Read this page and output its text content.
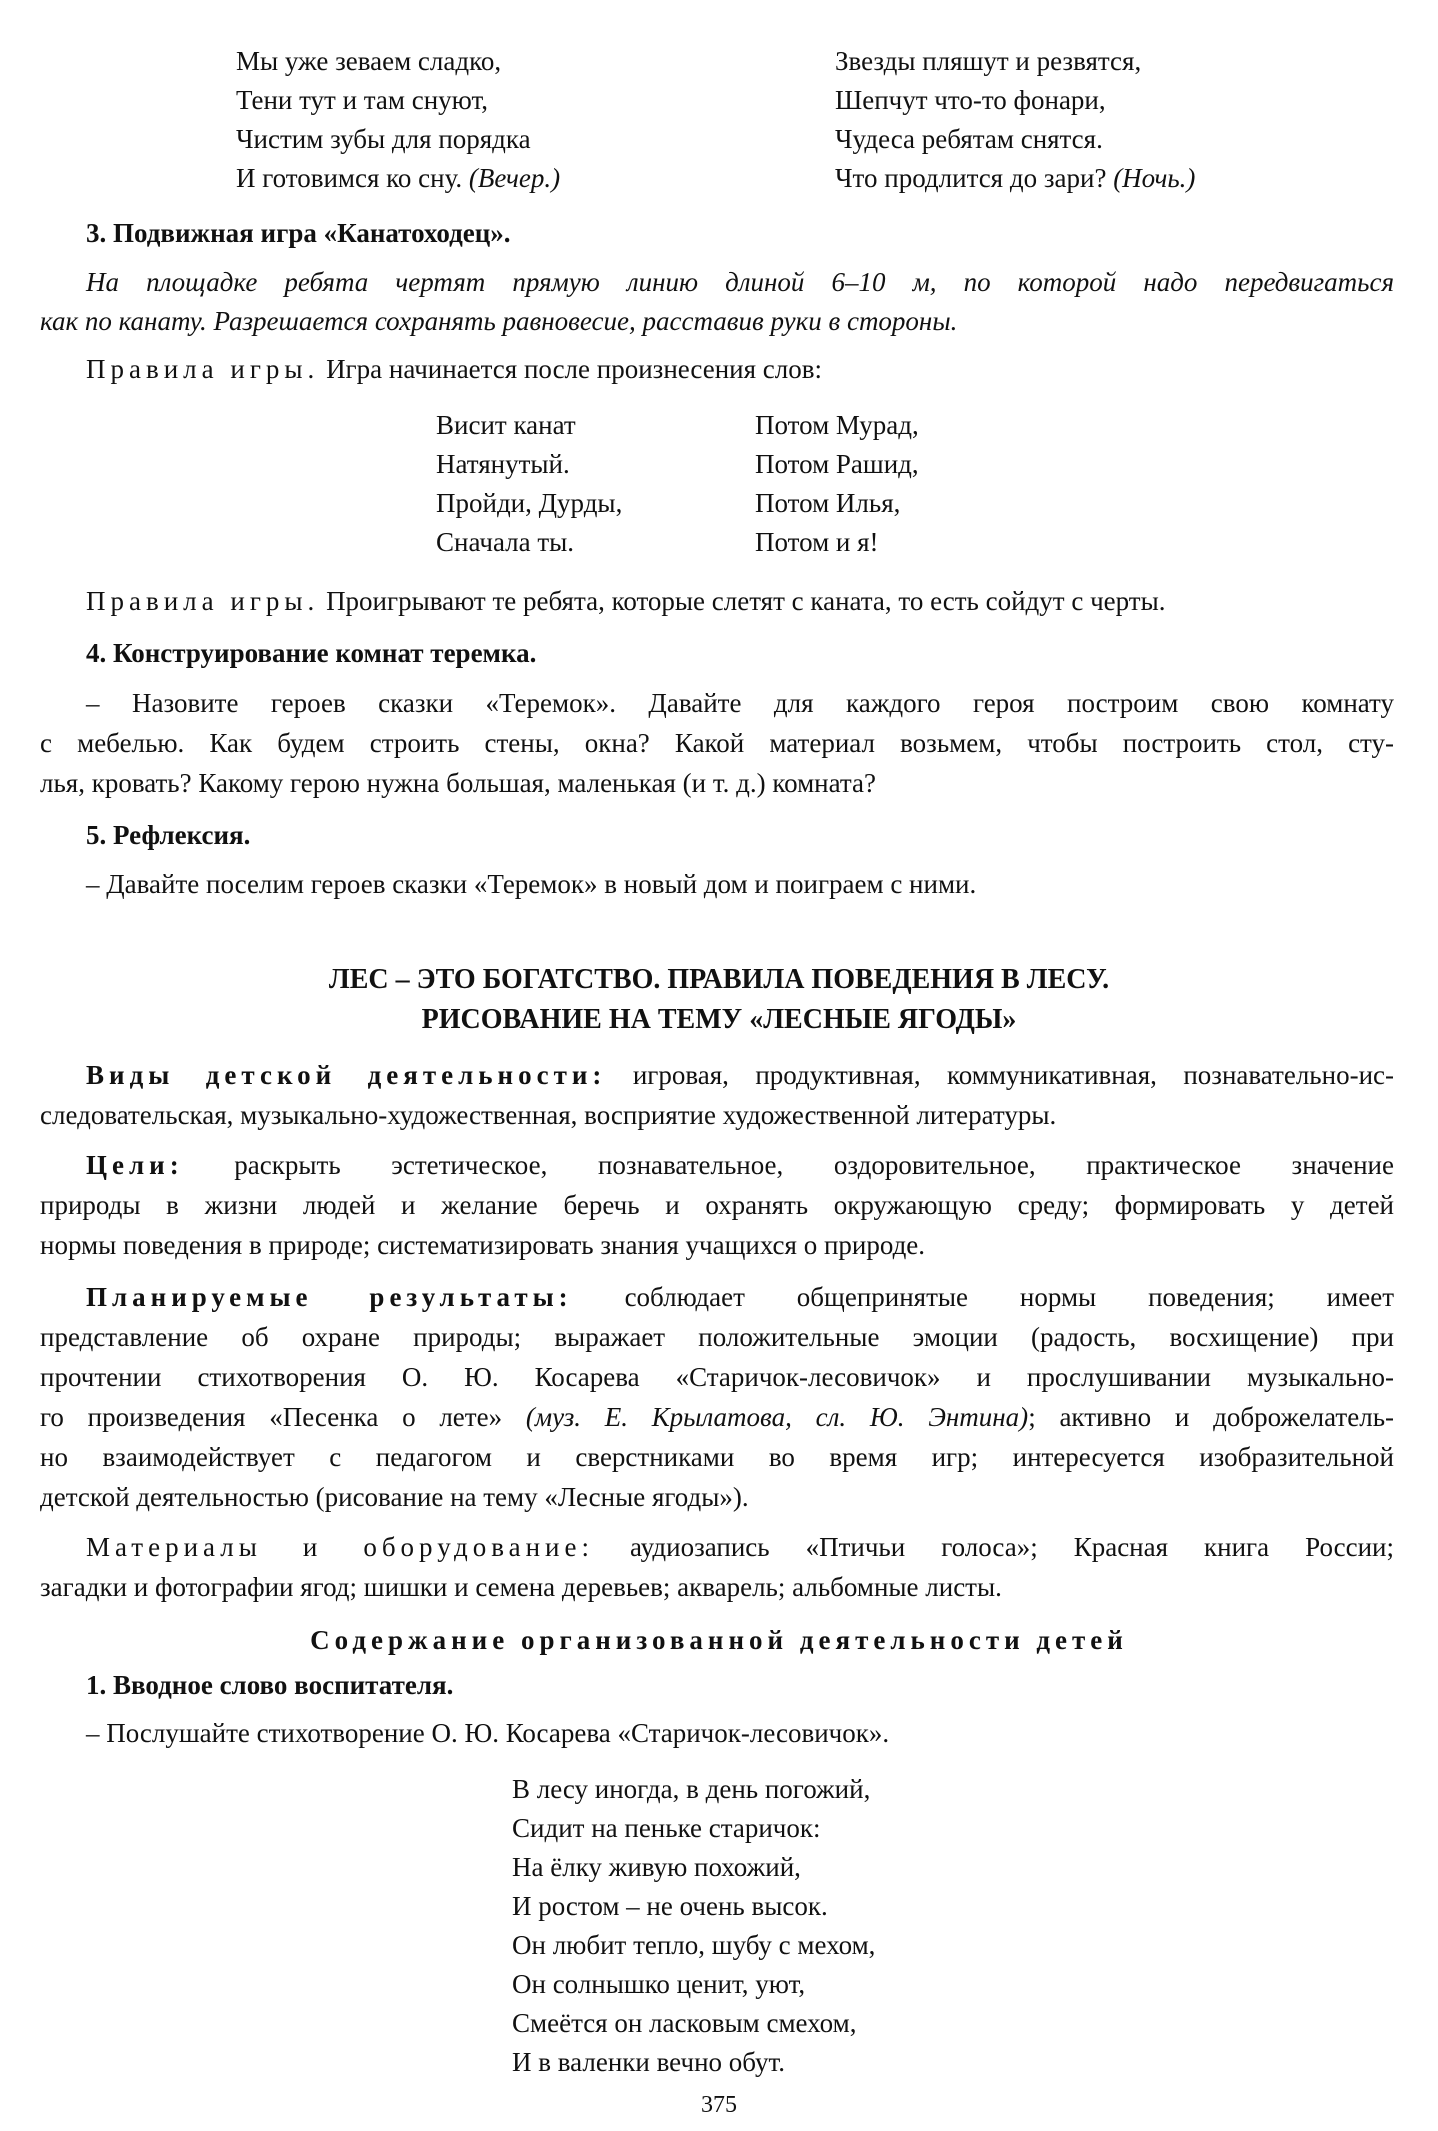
Мы уже зеваем сладко,
Тени тут и там снуют,
Чистим зубы для порядка
И готовимся ко сну. (Вечер.)
Звезды пляшут и резвятся,
Шепчут что-то фонари,
Чудеса ребятам снятся.
Что продлится до зари? (Ночь.)
3. Подвижная игра «Канатоходец».
На площадке ребята чертят прямую линию длиной 6–10 м, по которой надо передвигаться
как по канату. Разрешается сохранять равновесие, расставив руки в стороны.
Правила игры. Игра начинается после произнесения слов:
Висит канат
Натянутый.
Пройди, Дурды,
Сначала ты.
Потом Мурад,
Потом Рашид,
Потом Илья,
Потом и я!
Правила игры. Проигрывают те ребята, которые слетят с каната, то есть сойдут с черты.
4. Конструирование комнат теремка.
– Назовите героев сказки «Теремок». Давайте для каждого героя построим свою комнату
с мебелью. Как будем строить стены, окна? Какой материал возьмем, чтобы построить стол, сту-
лья, кровать? Какому герою нужна большая, маленькая (и т. д.) комната?
5. Рефлексия.
– Давайте поселим героев сказки «Теремок» в новый дом и поиграем с ними.
ЛЕС – ЭТО БОГАТСТВО. ПРАВИЛА ПОВЕДЕНИЯ В ЛЕСУ.
РИСОВАНИЕ НА ТЕМУ «ЛЕСНЫЕ ЯГОДЫ»
Виды детской деятельности: игровая, продуктивная, коммуникативная, познавательно-ис-
следовательская, музыкально-художественная, восприятие художественной литературы.
Цели: раскрыть эстетическое, познавательное, оздоровительное, практическое значение
природы в жизни людей и желание беречь и охранять окружающую среду; формировать у детей
нормы поведения в природе; систематизировать знания учащихся о природе.
Планируемые результаты: соблюдает общепринятые нормы поведения; имеет
представление об охране природы; выражает положительные эмоции (радость, восхищение) при
прочтении стихотворения О. Ю. Косарева «Старичок-лесовичок» и прослушивании музыкально-
го произведения «Песенка о лете» (муз. Е. Крылатова, сл. Ю. Энтина); активно и доброжелатель-
но взаимодействует с педагогом и сверстниками во время игр; интересуется изобразительной
детской деятельностью (рисование на тему «Лесные ягоды»).
Материалы и оборудование: аудиозапись «Птичьи голоса»; Красная книга России;
загадки и фотографии ягод; шишки и семена деревьев; акварель; альбомные листы.
Содержание организованной деятельности детей
1. Вводное слово воспитателя.
– Послушайте стихотворение О. Ю. Косарева «Старичок-лесовичок».
В лесу иногда, в день погожий,
Сидит на пеньке старичок:
На ёлку живую похожий,
И ростом – не очень высок.
Он любит тепло, шубу с мехом,
Он солнышко ценит, уют,
Смеётся он ласковым смехом,
И в валенки вечно обут.
375
